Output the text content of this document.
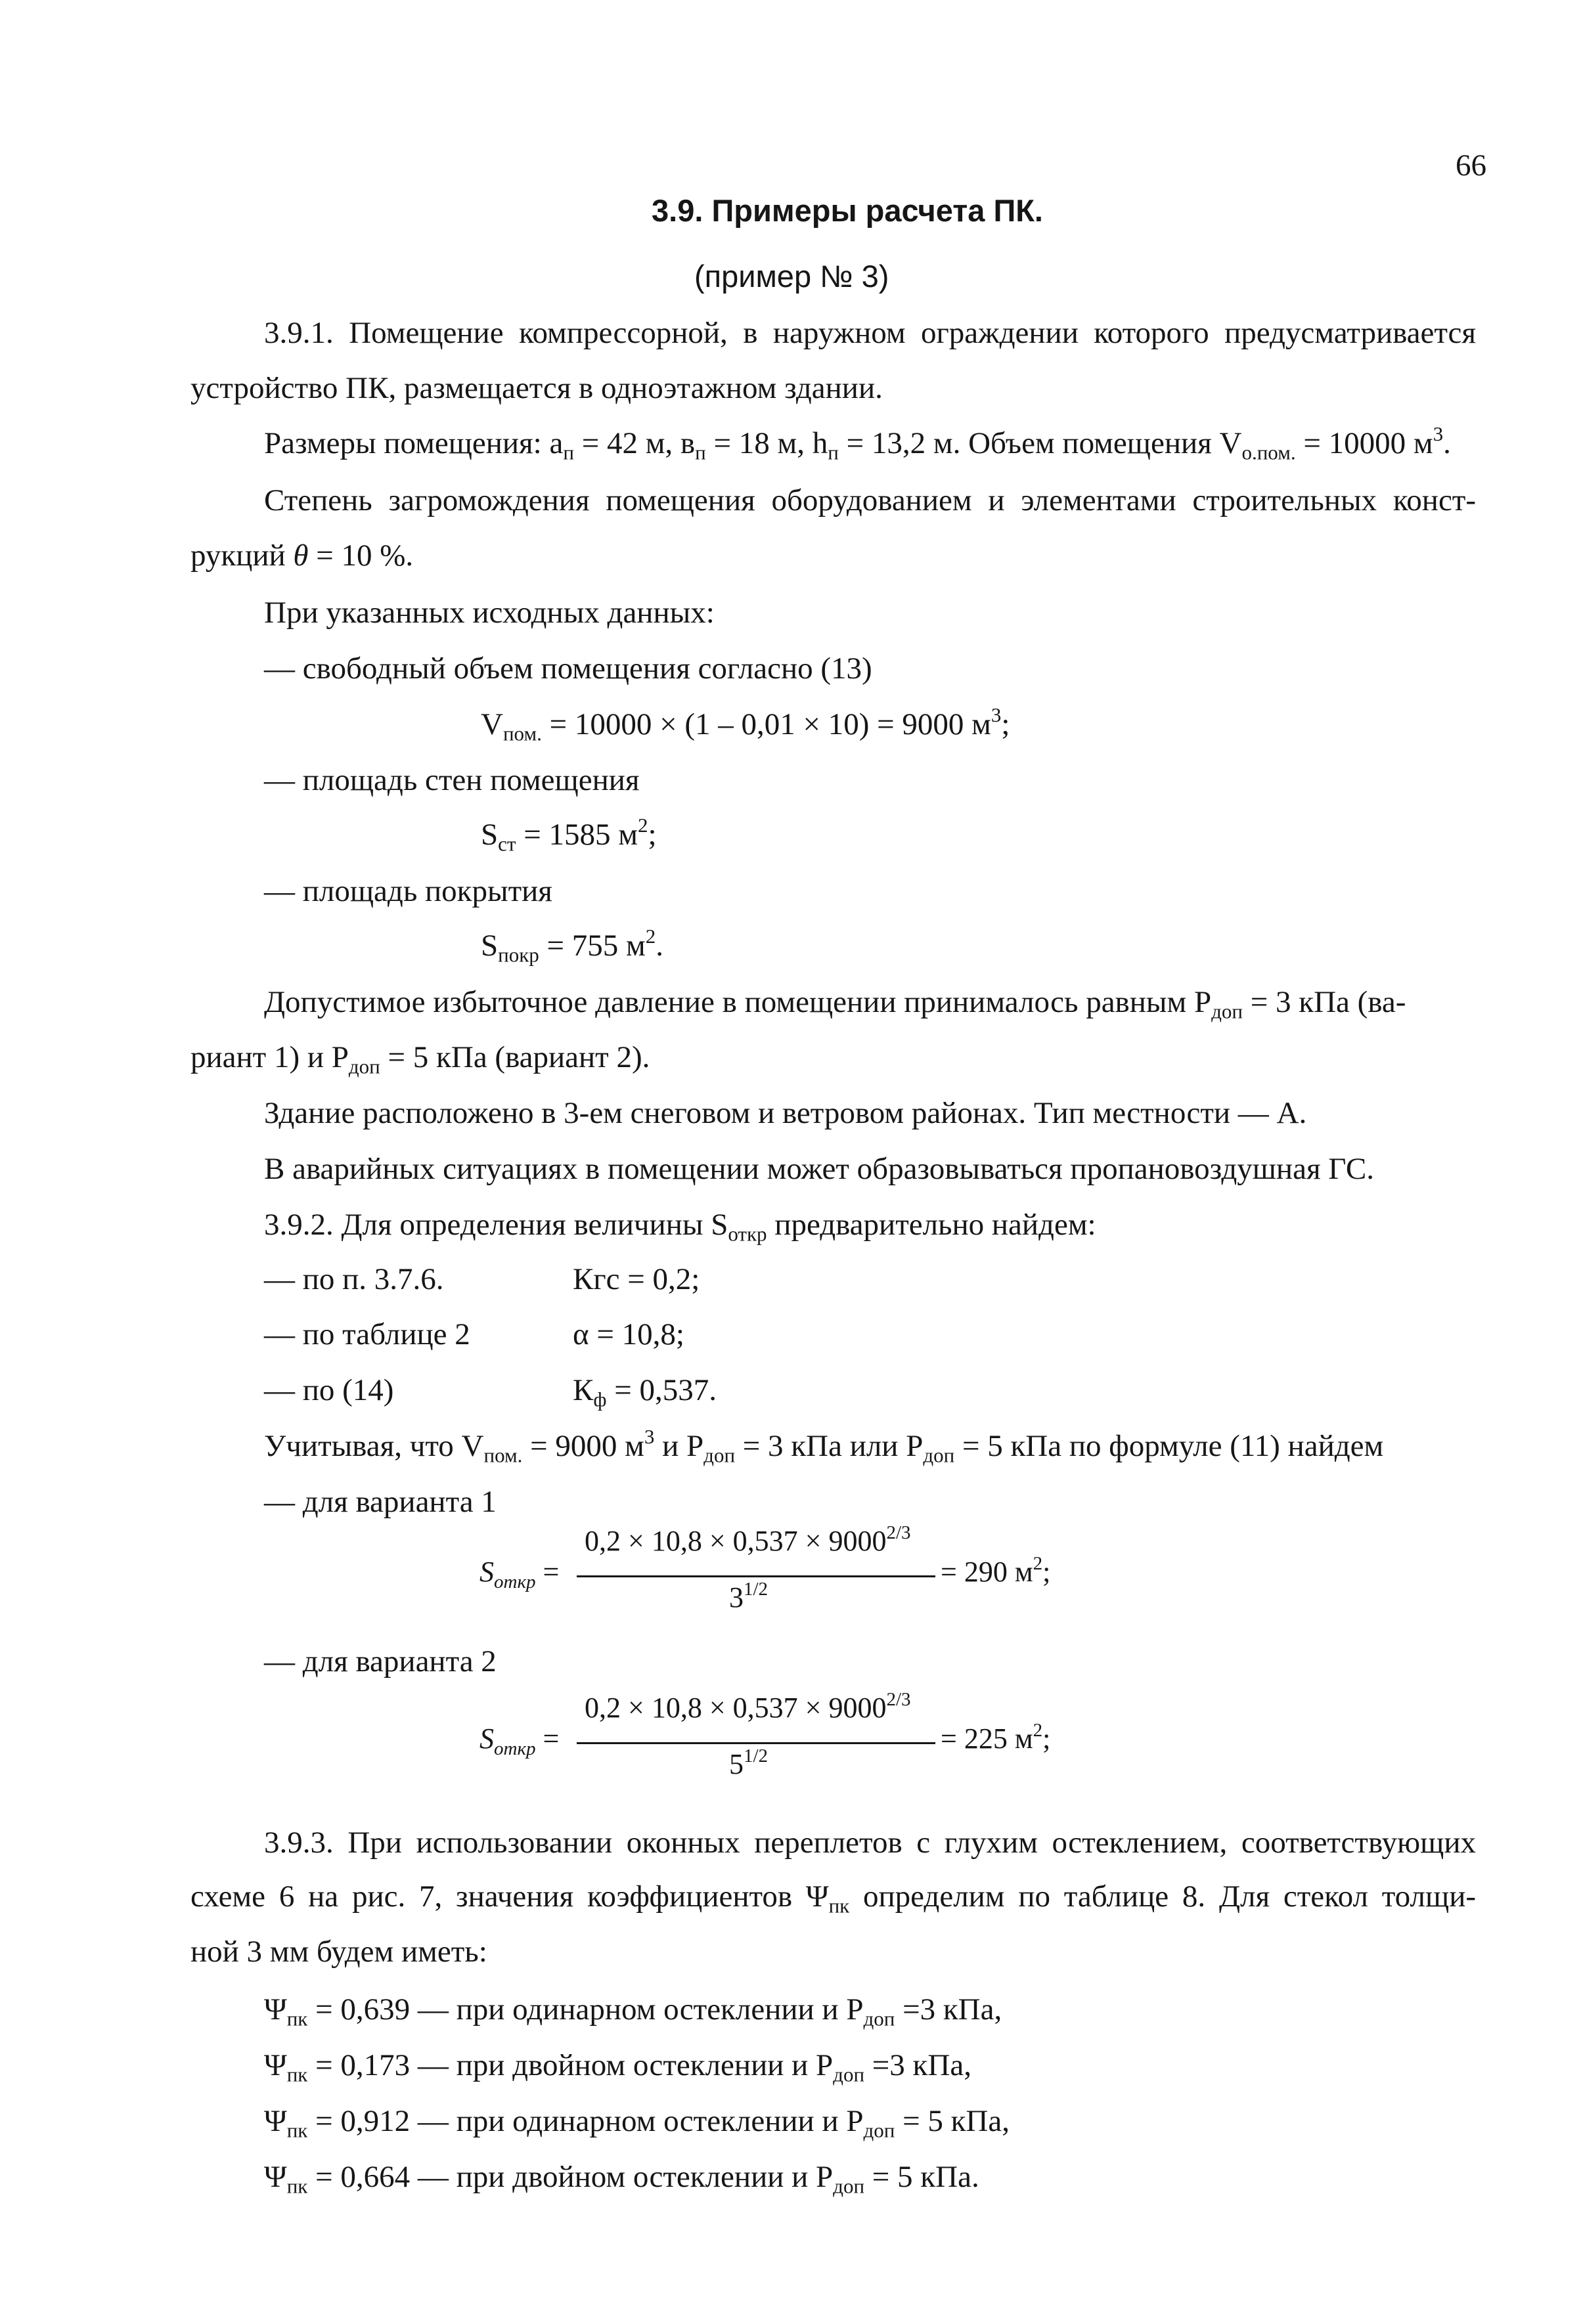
66
3.9. Примеры расчета ПК.
(пример № 3)
3.9.1. Помещение компрессорной, в наружном ограждении которого предусматривается
устройство ПК, размещается в одноэтажном здании.
Размеры помещения: $a_п = 42$ м, $в_п = 18$ м, $h_п = 13,2$ м. Объем помещения $V_{о.пом.} = 10000$ $м^3$.
Степень загромождения помещения оборудованием и элементами строительных конст-
рукций θ = 10 %.
При указанных исходных данных:
— свободный объем помещения согласно (13)
$V_{пом.} = 10000 \times (1 - 0,01 \times 10) = 9000$ $м^3$;
— площадь стен помещения
$S_{ст} = 1585$ $м^2$;
— площадь покрытия
$S_{покр} = 755$ $м^2$.
Допустимое избыточное давление в помещении принималось равным $P_{доп} = 3$ кПа (ва-
риант 1) и $P_{доп} = 5$ кПа (вариант 2).
Здание расположено в 3-ем снеговом и ветровом районах. Тип местности — А.
В аварийных ситуациях в помещении может образовываться пропановоздушная ГС.
3.9.2. Для определения величины $S_{откр}$ предварительно найдем:
— по п. 3.7.6.	Кгс = 0,2;
— по таблице 2	α = 10,8;
— по (14)	$К_ф = 0,537$.
Учитывая, что $V_{пом.} = 9000$ $м^3$ и $P_{доп} = 3$ кПа или $P_{доп} = 5$ кПа по формуле (11) найдем
— для варианта 1
$S_{откр}$ =
$0,2 \times 10,8 \times 0,537 \times 9000^{2/3}$
$3^{1/2}$
= 290 $м^2$;
— для варианта 2
$S_{откр}$ =
$0,2 \times 10,8 \times 0,537 \times 9000^{2/3}$
$5^{1/2}$
= 225 $м^2$;
3.9.3. При использовании оконных переплетов с глухим остеклением, соответствующих
схеме 6 на рис. 7, значения коэффициентов $\Psi_{пк}$ определим по таблице 8. Для стекол толщи-
ной 3 мм будем иметь:
$\Psi_{пк} = 0,639$ — при одинарном остеклении и $P_{доп} =3$ кПа,
$\Psi_{пк} = 0,173$ — при двойном остеклении и $P_{доп} =3$ кПа,
$\Psi_{пк} = 0,912$ — при одинарном остеклении и $P_{доп} = 5$ кПа,
$\Psi_{пк} = 0,664$ — при двойном остеклении и $P_{доп} = 5$ кПа.
